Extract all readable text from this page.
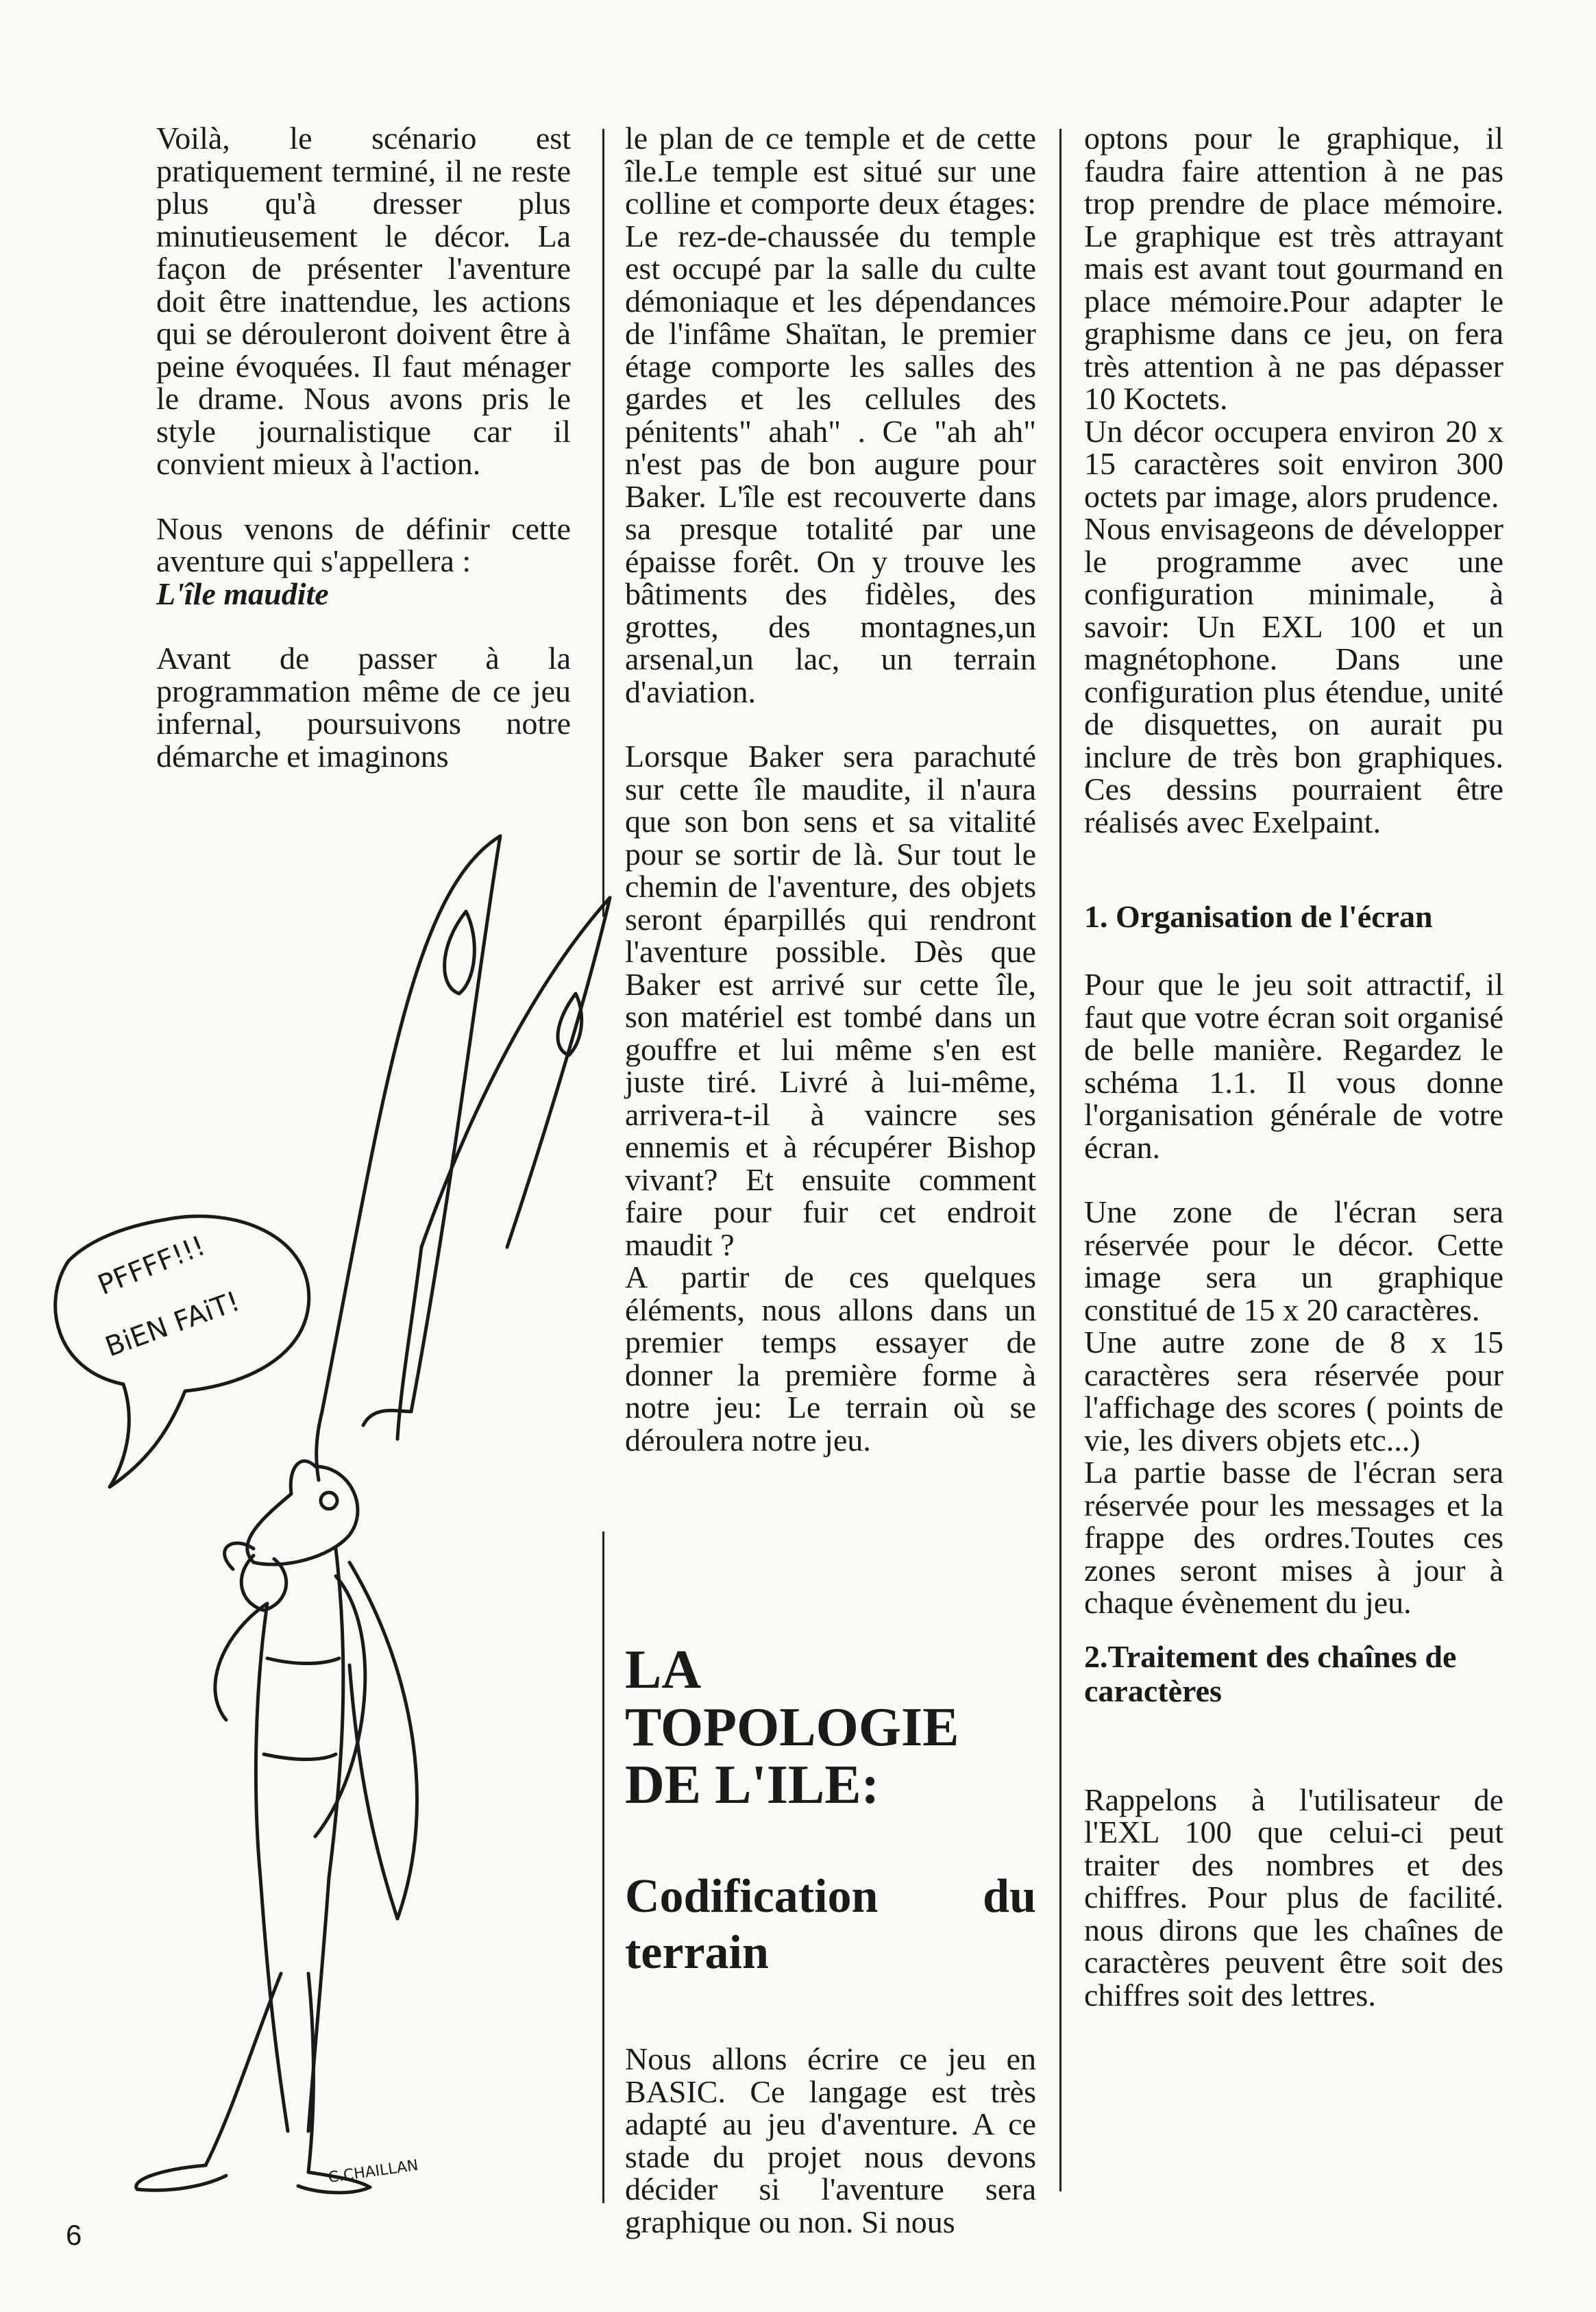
Voilà, le scénario est pratiquement terminé, il ne reste plus qu'à dresser plus minutieusement le décor. La façon de présenter l'aventure doit être inattendue, les actions qui se dérouleront doivent être à peine évoquées. Il faut ménager le drame. Nous avons pris le style journalistique car il convient mieux à l'action.

Nous venons de définir cette aventure qui s'appellera :

L'île maudite

Avant de passer à la programmation même de ce jeu infernal, poursuivons notre démarche et imaginons

le plan de ce temple et de cette île.Le temple est situé sur une colline et comporte deux étages: Le rez-de-chaussée du temple est occupé par la salle du culte démoniaque et les dépendances de l'infâme Shaïtan, le premier étage comporte les salles des gardes et les cellules des pénitents" ahah" . Ce "ah ah" n'est pas de bon augure pour Baker. L'île est recouverte dans sa presque totalité par une épaisse forêt. On y trouve les bâtiments des fidèles, des grottes, des montagnes,un arsenal,un lac, un terrain d'aviation.

Lorsque Baker sera parachuté sur cette île maudite, il n'aura que son bon sens et sa vitalité pour se sortir de là. Sur tout le chemin de l'aventure, des objets seront éparpillés qui rendront l'aventure possible. Dès que Baker est arrivé sur cette île, son matériel est tombé dans un gouffre et lui même s'en est juste tiré. Livré à lui-même, arrivera-t-il à vaincre ses ennemis et à récupérer Bishop vivant? Et ensuite comment faire pour fuir cet endroit maudit ?

A partir de ces quelques éléments, nous allons dans un premier temps essayer de donner la première forme à notre jeu: Le terrain où se déroulera notre jeu.

LA TOPOLOGIE DE L'ILE:

Codification du terrain

Nous allons écrire ce jeu en BASIC. Ce langage est très adapté au jeu d'aventure. A ce stade du projet nous devons décider si l'aventure sera graphique ou non. Si nous

optons pour le graphique, il faudra faire attention à ne pas trop prendre de place mémoire. Le graphique est très attrayant mais est avant tout gourmand en place mémoire.Pour adapter le graphisme dans ce jeu, on fera très attention à ne pas dépasser 10 Koctets.

Un décor occupera environ 20 x 15 caractères soit environ 300 octets par image, alors prudence.

Nous envisageons de développer le programme avec une configuration minimale, à savoir: Un EXL 100 et un magnétophone. Dans une configuration plus étendue, unité de disquettes, on aurait pu inclure de très bon graphiques. Ces dessins pourraient être réalisés avec Exelpaint.

1. Organisation de l'écran

Pour que le jeu soit attractif, il faut que votre écran soit organisé de belle manière. Regardez le schéma 1.1. Il vous donne l'organisation générale de votre écran.

Une zone de l'écran sera réservée pour le décor. Cette image sera un graphique constitué de 15 x 20 caractères.

Une autre zone de 8 x 15 caractères sera réservée pour l'affichage des scores ( points de vie, les divers objets etc...)

La partie basse de l'écran sera réservée pour les messages et la frappe des ordres.Toutes ces zones seront mises à jour à chaque évènement du jeu.

2.Traitement des chaînes de caractères

Rappelons à l'utilisateur de l'EXL 100 que celui-ci peut traiter des nombres et des chiffres. Pour plus de facilité. nous dirons que les chaînes de caractères peuvent être soit des chiffres soit des lettres.

PFFFF!!!
BiEN FAiT!
C.CHAILLAN
6
